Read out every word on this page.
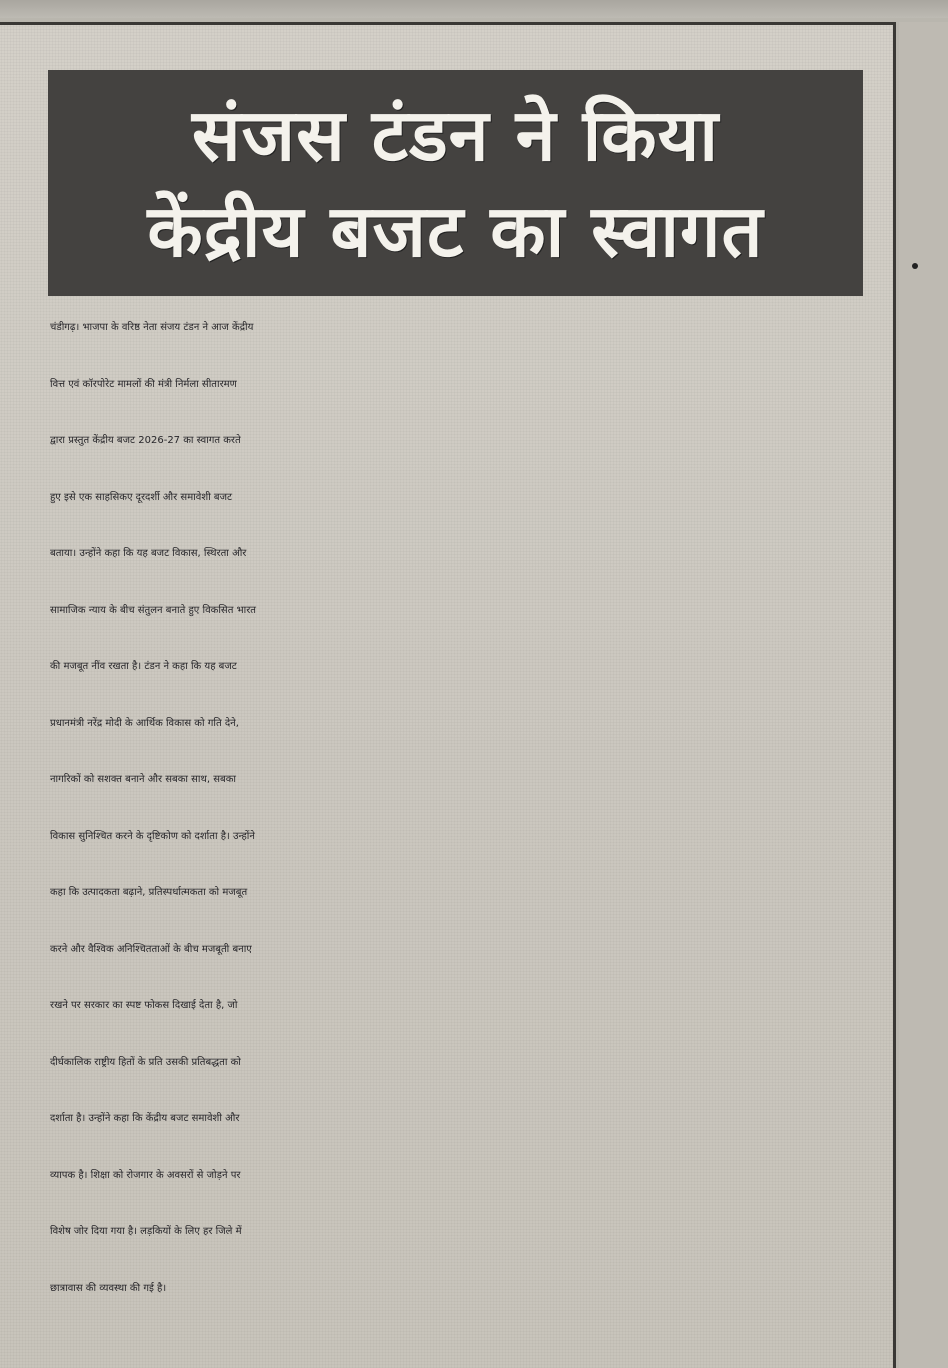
संजस टंडन ने किया
केंद्रीय बजट का स्वागत
चंडीगढ़। भाजपा के वरिष्ठ नेता संजय टंडन ने आज केंद्रीय
वित्त एवं कॉरपोरेट मामलों की मंत्री निर्मला सीतारमण
द्वारा प्रस्तुत केंद्रीय बजट 2026-27 का स्वागत करते
हुए इसे एक साहसिकए दूरदर्शी और समावेशी बजट
बताया। उन्होंने कहा कि यह बजट विकास, स्थिरता और
सामाजिक न्याय के बीच संतुलन बनाते हुए विकसित भारत
की मजबूत नींव रखता है। टंडन ने कहा कि यह बजट
प्रधानमंत्री नरेंद्र मोदी के आर्थिक विकास को गति देने,
नागरिकों को सशक्त बनाने और सबका साथ, सबका
विकास सुनिश्चित करने के दृष्टिकोण को दर्शाता है। उन्होंने
कहा कि उत्पादकता बढ़ाने, प्रतिस्पर्धात्मकता को मजबूत
करने और वैश्विक अनिश्चितताओं के बीच मजबूती बनाए
रखने पर सरकार का स्पष्ट फोकस दिखाई देता है, जो
दीर्घकालिक राष्ट्रीय हितों के प्रति उसकी प्रतिबद्धता को
दर्शाता है। उन्होंने कहा कि केंद्रीय बजट समावेशी और
व्यापक है। शिक्षा को रोजगार के अवसरों से जोड़ने पर
विशेष जोर दिया गया है। लड़कियों के लिए हर जिले में
छात्रावास की व्यवस्था की गई है।
